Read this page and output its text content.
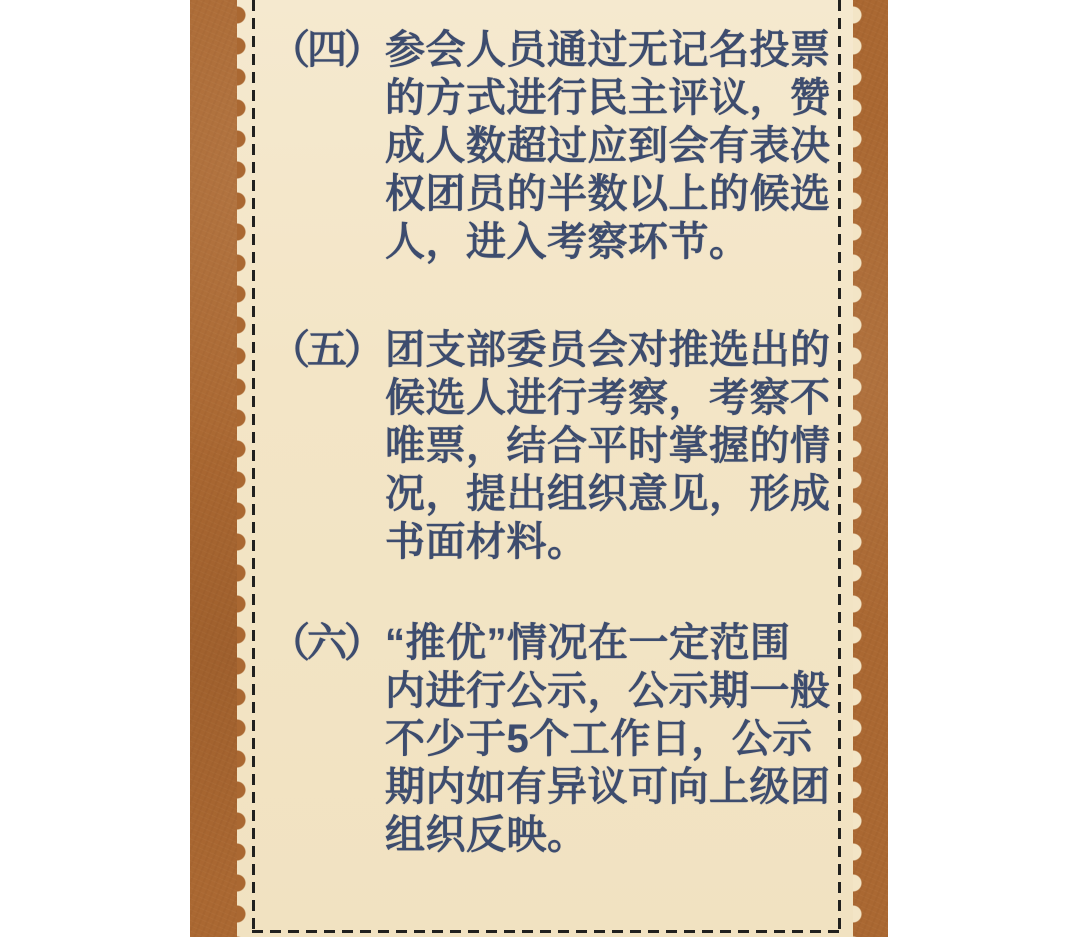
（四） 参会人员通过无记名投票
的方式进行民主评议，赞
成人数超过应到会有表决
权团员的半数以上的候选
人，进入考察环节。
（五） 团支部委员会对推选出的
候选人进行考察，考察不
唯票，结合平时掌握的情
况，提出组织意见，形成
书面材料。
（六） “推优”情况在一定范围
内进行公示，公示期一般
不少于5个工作日，公示
期内如有异议可向上级团
组织反映。
